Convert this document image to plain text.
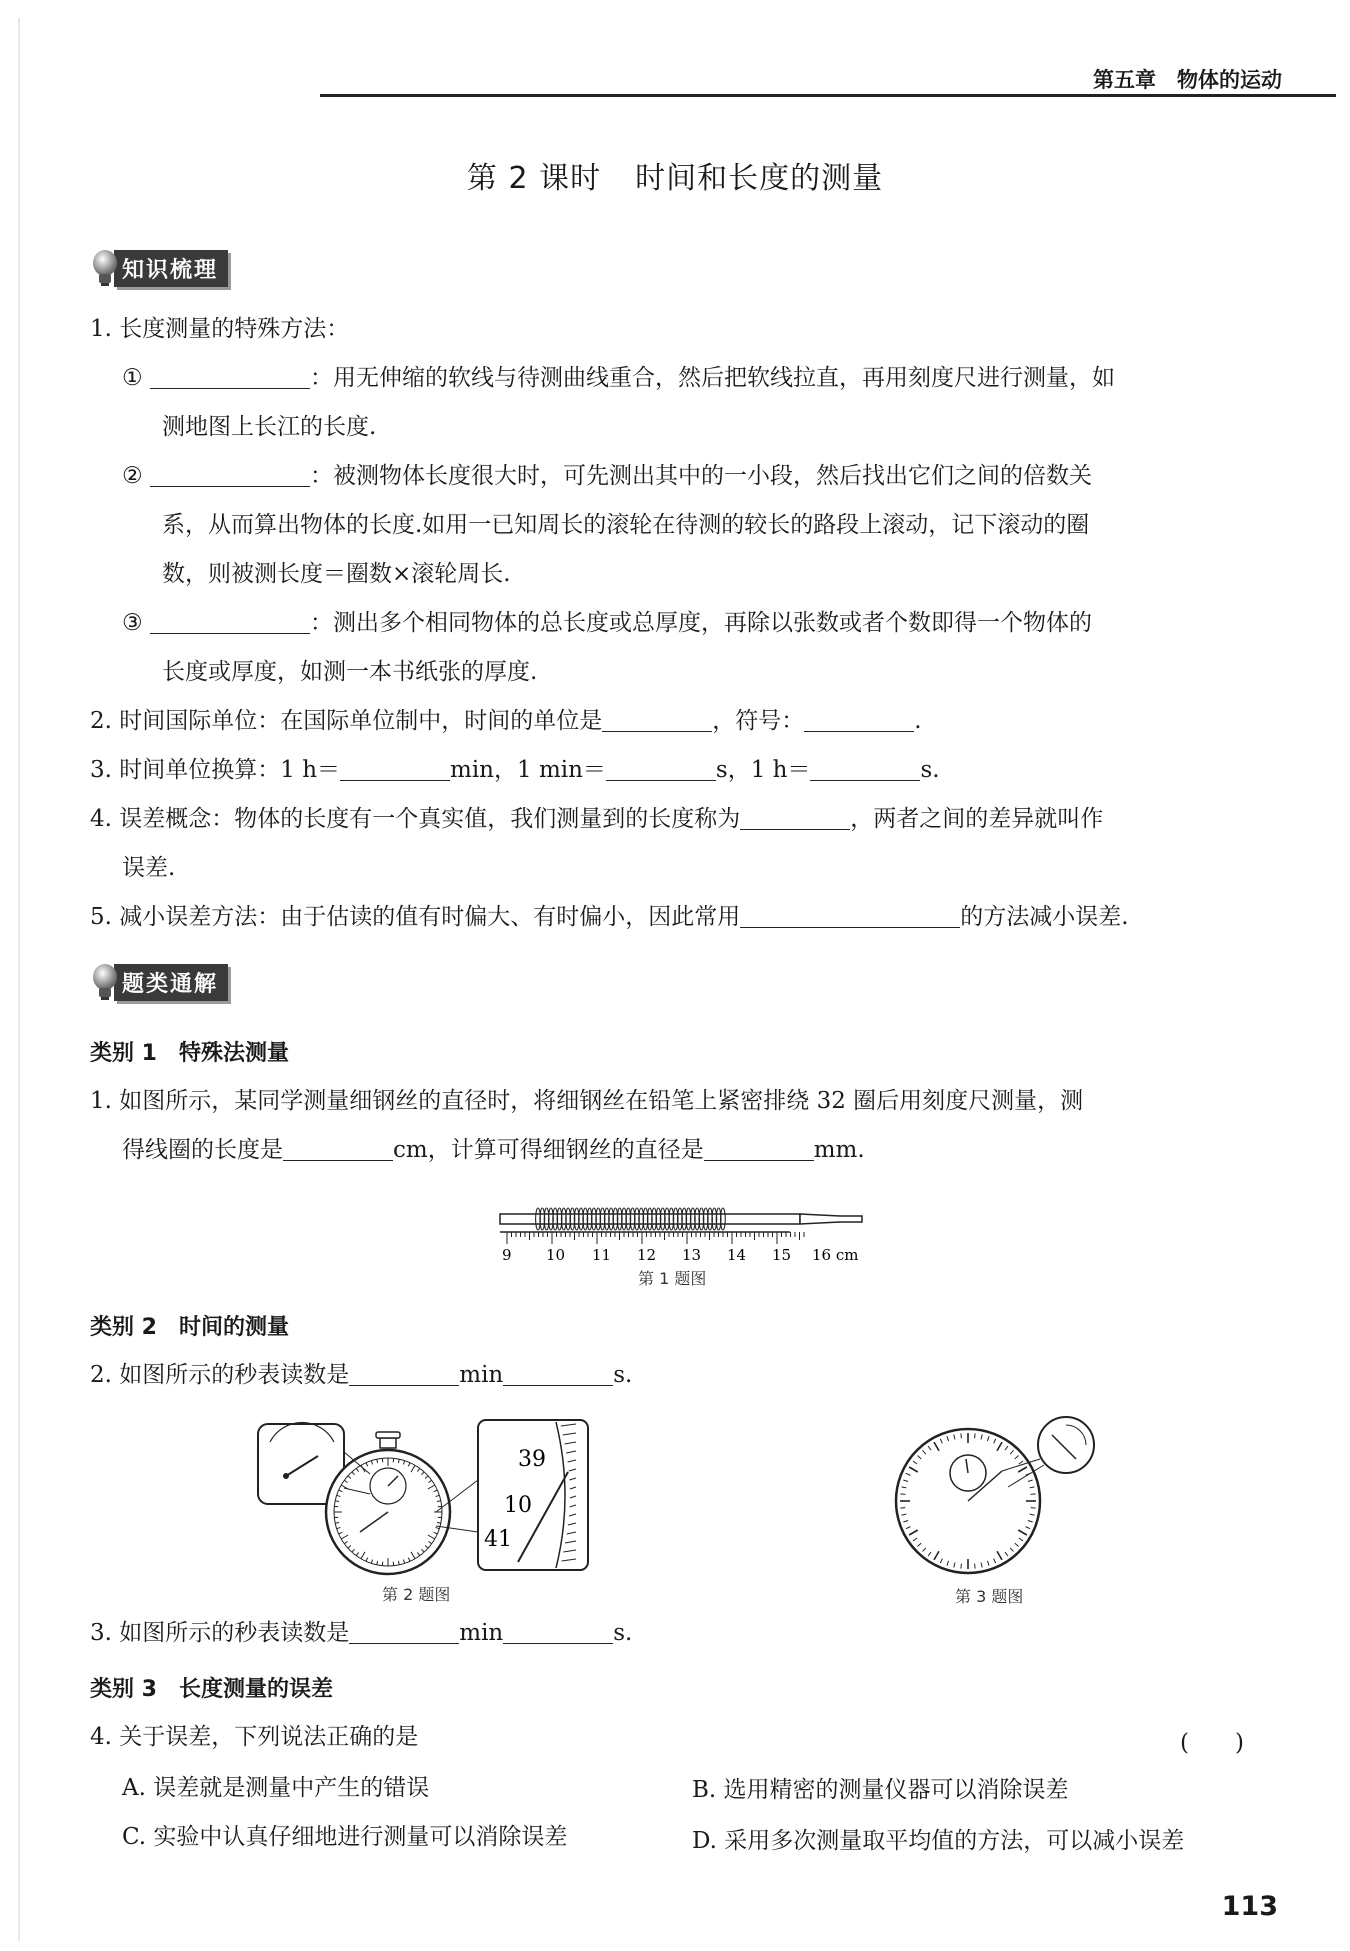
第五章　物体的运动
第 2 课时 时间和长度的测量
知识梳理
1. 长度测量的特殊方法：
①	：用无伸缩的软线与待测曲线重合，然后把软线拉直，再用刻度尺进行测量，如
测地图上长江的长度.
②	：被测物体长度很大时，可先测出其中的一小段，然后找出它们之间的倍数关
系，从而算出物体的长度.如用一已知周长的滚轮在待测的较长的路段上滚动，记下滚动的圈
数，则被测长度＝圈数×滚轮周长.
③	：测出多个相同物体的总长度或总厚度，再除以张数或者个数即得一个物体的
长度或厚度，如测一本书纸张的厚度.
2. 时间国际单位：在国际单位制中，时间的单位是	，符号：	.
3. 时间单位换算：1 h＝	min，1 min＝	s，1 h＝	s.
4. 误差概念：物体的长度有一个真实值，我们测量到的长度称为	，两者之间的差异就叫作
误差.
5. 减小误差方法：由于估读的值有时偏大、有时偏小，因此常用	的方法减小误差.
题类通解
类别 1　特殊法测量
1. 如图所示，某同学测量细钢丝的直径时，将细钢丝在铅笔上紧密排绕 32 圈后用刻度尺测量，测
得线圈的长度是	cm，计算可得细钢丝的直径是	mm.
9 10 11 12 13 14 15 16 cm
第 1 题图
类别 2　时间的测量
2. 如图所示的秒表读数是	min	s.
39
10
41
第 2 题图	第 3 题图
3. 如图所示的秒表读数是	min	s.
类别 3　长度测量的误差
4. 关于误差，下列说法正确的是	(　　)
A. 误差就是测量中产生的错误	B. 选用精密的测量仪器可以消除误差
C. 实验中认真仔细地进行测量可以消除误差	D. 采用多次测量取平均值的方法，可以减小误差
113
